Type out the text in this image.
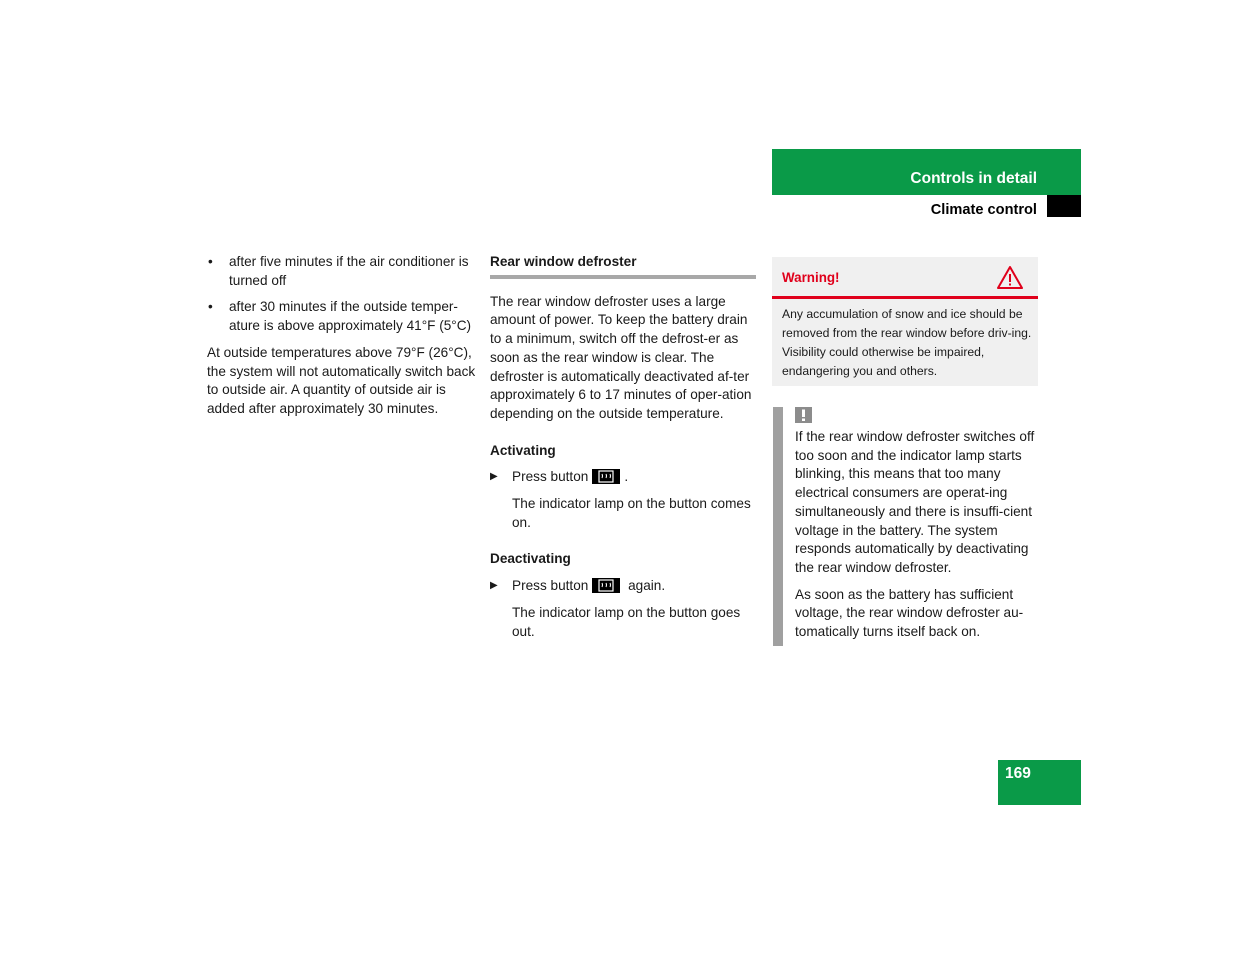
Controls in detail
Climate control
• after five minutes if the air conditioner is turned off
• after 30 minutes if the outside temper-ature is above approximately 41°F (5°C)

At outside temperatures above 79°F (26°C), the system will not automatically switch back to outside air. A quantity of outside air is added after approximately 30 minutes.

Rear window defroster

The rear window defroster uses a large amount of power. To keep the battery drain to a minimum, switch off the defrost-er as soon as the rear window is clear. The defroster is automatically deactivated af-ter approximately 6 to 17 minutes of oper-ation depending on the outside temperature.

Activating
▶ Press button	.
The indicator lamp on the button comes on.
Deactivating
▶ Press button	again.
The indicator lamp on the button goes out.
Warning!
Any accumulation of snow and ice should be removed from the rear window before driv-ing. Visibility could otherwise be impaired, endangering you and others.

If the rear window defroster switches off too soon and the indicator lamp starts blinking, this means that too many electrical consumers are operat-ing simultaneously and there is insuffi-cient voltage in the battery. The system responds automatically by deactivating the rear window defroster.

As soon as the battery has sufficient voltage, the rear window defroster au-tomatically turns itself back on.

169
